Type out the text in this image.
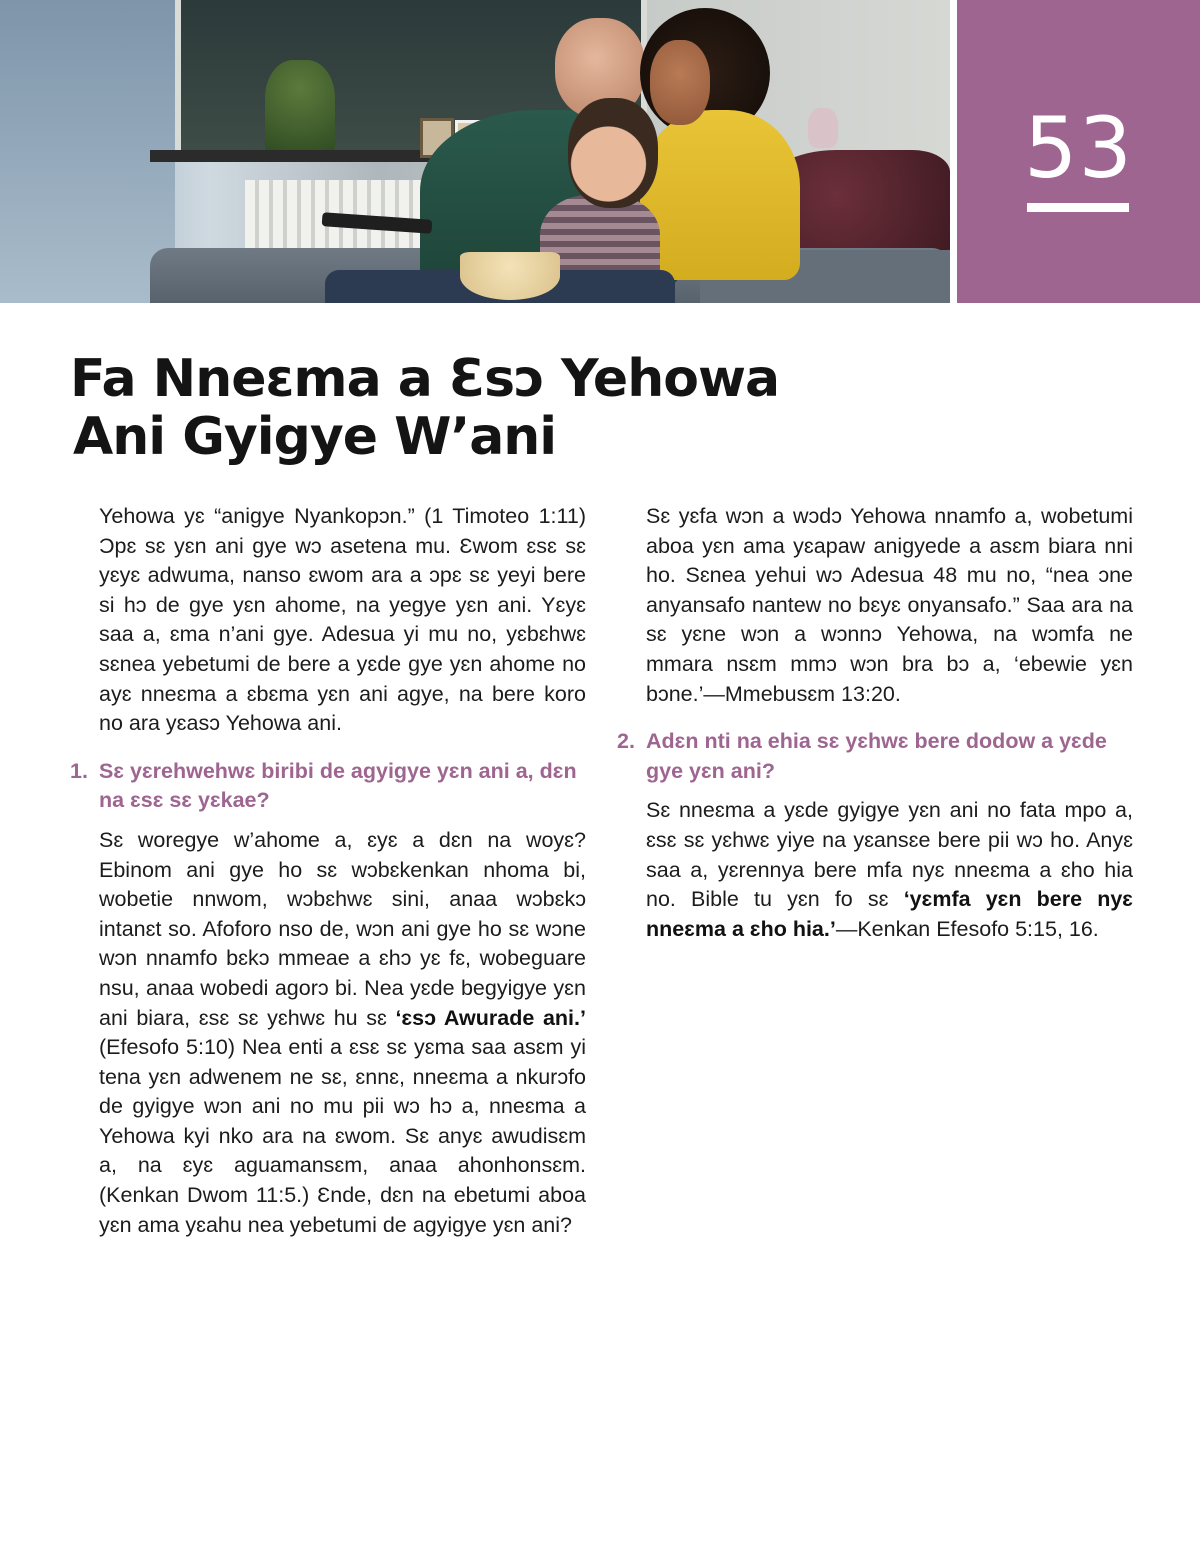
53
Fa Nneɛma a Ɛsɔ Yehowa
Ani Gyigye W’ani

Yehowa yɛ “anigye Nyankopɔn.” (1 Timoteo 1:11) Ɔpɛ sɛ yɛn ani gye wɔ asetena mu. Ɛwom ɛsɛ sɛ yɛyɛ adwuma, nanso ɛwom ara a ɔpɛ sɛ yeyi bere si hɔ de gye yɛn ahome, na yegye yɛn ani. Yɛyɛ saa a, ɛma n’ani gye. Adesua yi mu no, yɛbɛhwɛ sɛnea yebetumi de bere a yɛde gye yɛn ahome no ayɛ nneɛma a ɛbɛma yɛn ani agye, na bere koro no ara yɛasɔ Yehowa ani.

1. Sɛ yɛrehwehwɛ biribi de agyigye yɛn ani a, dɛn na ɛsɛ sɛ yɛkae?

Sɛ woregye w’ahome a, ɛyɛ a dɛn na woyɛ? Ebinom ani gye ho sɛ wɔbɛkenkan nhoma bi, wobetie nnwom, wɔbɛhwɛ sini, anaa wɔbɛkɔ intanɛt so. Afoforo nso de, wɔn ani gye ho sɛ wɔne wɔn nnamfo bɛkɔ mmeae a ɛhɔ yɛ fɛ, wobeguare nsu, anaa wobedi agorɔ bi. Nea yɛde begyigye yɛn ani biara, ɛsɛ sɛ yɛhwɛ hu sɛ ‘ɛsɔ Awurade ani.’ (Efesofo 5:10) Nea enti a ɛsɛ sɛ yɛma saa asɛm yi tena yɛn adwenem ne sɛ, ɛnnɛ, nneɛma a nkurɔfo de gyigye wɔn ani no mu pii wɔ hɔ a, nneɛma a Yehowa kyi nko ara na ɛwom. Sɛ anyɛ awudisɛm a, na ɛyɛ aguamansɛm, anaa ahonhonsɛm. (Kenkan Dwom 11:5.) Ɛnde, dɛn na ebetumi aboa yɛn ama yɛahu nea yebetumi de agyigye yɛn ani?

Sɛ yɛfa wɔn a wɔdɔ Yehowa nnamfo a, wobetumi aboa yɛn ama yɛapaw anigyede a asɛm biara nni ho. Sɛnea yehui wɔ Adesua 48 mu no, “nea ɔne anyansafo nantew no bɛyɛ onyansafo.” Saa ara na sɛ yɛne wɔn a wɔnnɔ Yehowa, na wɔmfa ne mmara nsɛm mmɔ wɔn bra bɔ a, ‘ebewie yɛn bɔne.’—Mmebusɛm 13:20.

2. Adɛn nti na ehia sɛ yɛhwɛ bere dodow a yɛde gye yɛn ani?

Sɛ nneɛma a yɛde gyigye yɛn ani no fata mpo a, ɛsɛ sɛ yɛhwɛ yiye na yɛansɛe bere pii wɔ ho. Anyɛ saa a, yɛrennya bere mfa nyɛ nneɛma a ɛho hia no. Bible tu yɛn fo sɛ ‘yɛmfa yɛn bere nyɛ nneɛma a ɛho hia.’—Kenkan Efesofo 5:15, 16.
